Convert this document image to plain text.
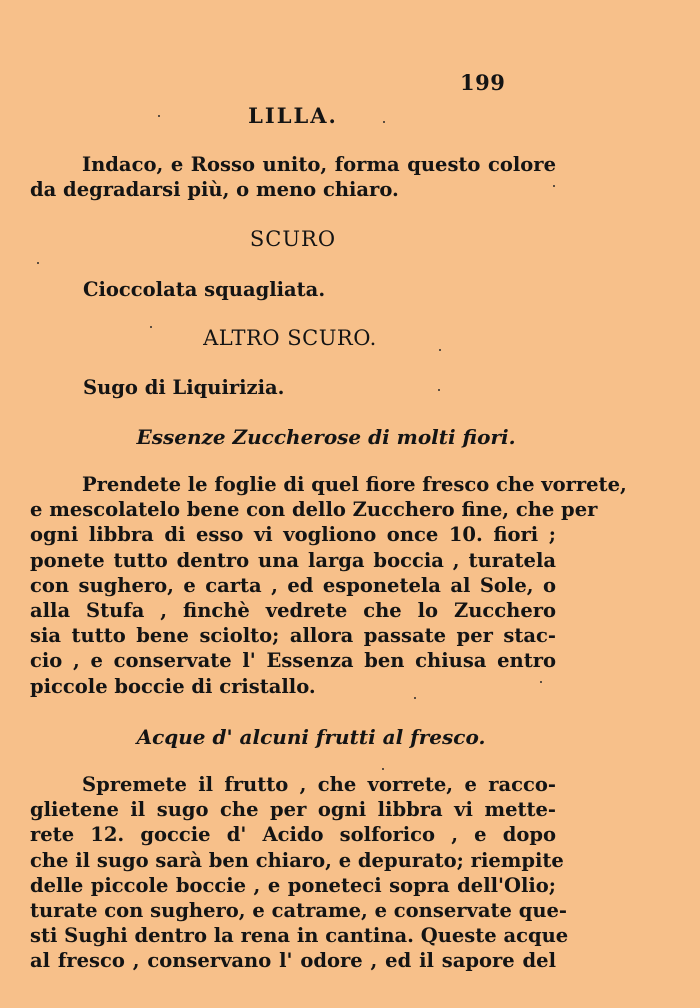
199
LILLA.
Indaco, e Rosso unito, forma questo colore
da degradarsi più, o meno chiaro.
SCURO
Cioccolata squagliata.
ALTRO SCURO.
Sugo di Liquirizia.
Essenze Zuccherose di molti fiori.
Prendete le foglie di quel fiore fresco che vorrete,
e mescolatelo bene con dello Zucchero fine, che per
ogni libbra di esso vi vogliono once 10. fiori ;
ponete tutto dentro una larga boccia , turatela
con sughero, e carta , ed esponetela al Sole, o
alla Stufa , finchè vedrete che lo Zucchero
sia tutto bene sciolto; allora passate per stac-
cio , e conservate l' Essenza ben chiusa entro
piccole boccie di cristallo.
Acque d' alcuni frutti al fresco.
Spremete il frutto , che vorrete, e racco-
glietene il sugo che per ogni libbra vi mette-
rete 12. goccie d' Acido solforico , e dopo
che il sugo sarà ben chiaro, e depurato; riempite
delle piccole boccie , e poneteci sopra dell'Olio;
turate con sughero, e catrame, e conservate que-
sti Sughi dentro la rena in cantina. Queste acque
al fresco , conservano l' odore , ed il sapore del
